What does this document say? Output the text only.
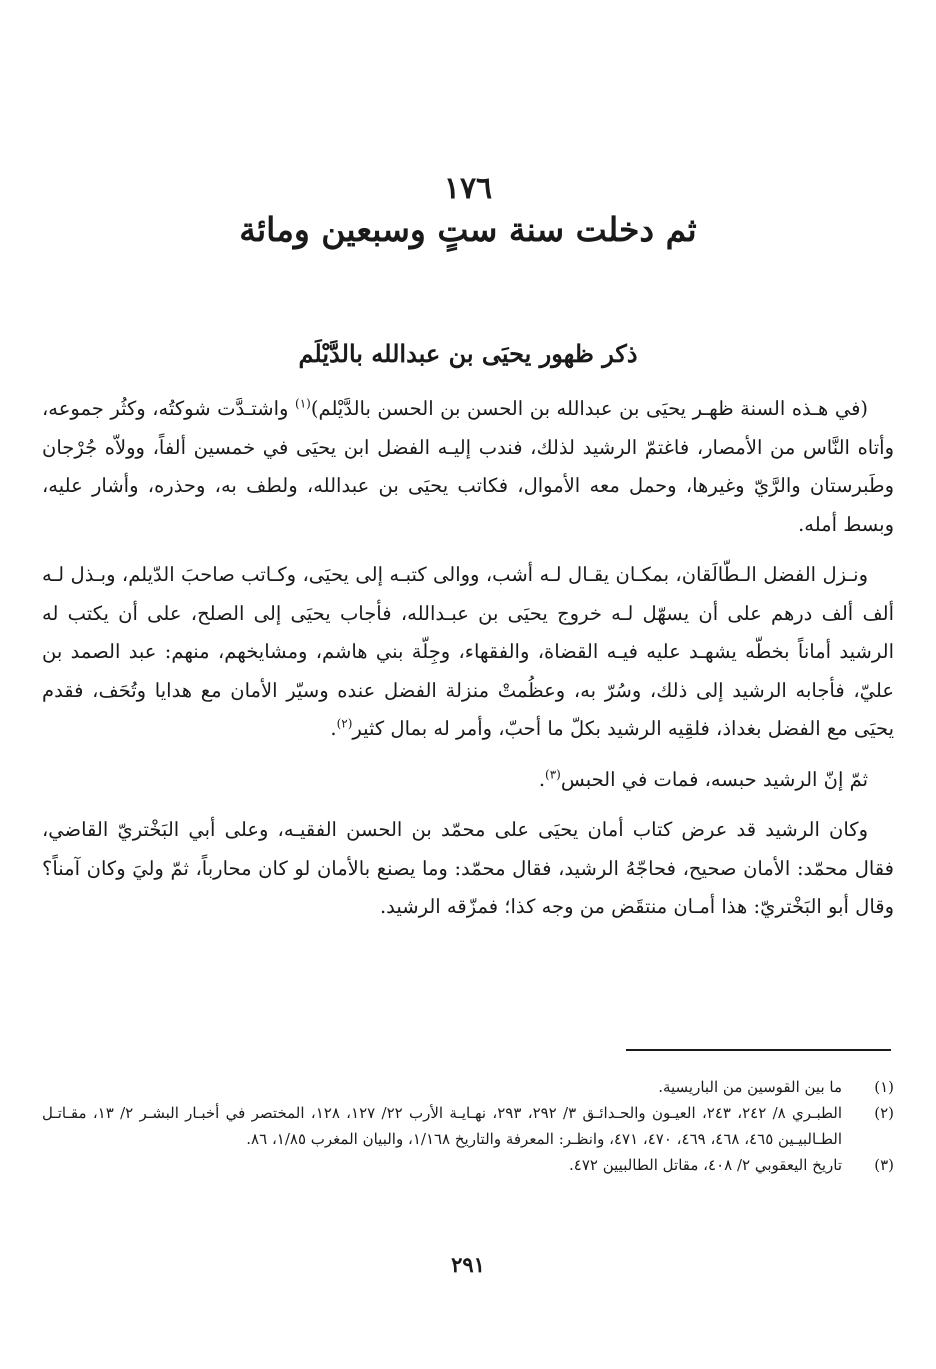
١٧٦
ثم دخلت سنة ستٍ وسبعين ومائة
ذكر ظهور يحيَى بن عبدالله بالدَّيْلَم

(في هـذه السنة ظهـر يحيَى بن عبدالله بن الحسن بن الحسن بالدَّيْلم)$^{(١)}$ واشتـدَّت شوكتُه، وكثُر جموعه، وأتاه النَّاس من الأمصار، فاغتمّ الرشيد لذلك، فندب إليـه الفضل ابن يحيَى في خمسين ألفاً، وولاّه جُرْجان وطَبرستان والرَّيّ وغيرها، وحمل معه الأموال، فكاتب يحيَى بن عبدالله، ولطف به، وحذره، وأشار عليه، وبسط أمله.

ونـزل الفضل الـطّالَقان، بمكـان يقـال لـه أشب، ووالى كتبـه إلى يحيَى، وكـاتب صاحبَ الدّيلم، وبـذل لـه ألف ألف درهم على أن يسهّل لـه خروج يحيَى بن عبـدالله، فأجاب يحيَى إلى الصلح، على أن يكتب له الرشيد أماناً بخطّه يشهـد عليه فيـه القضاة، والفقهاء، وجِلّة بني هاشم، ومشايخهم، منهم: عبد الصمد بن عليّ، فأجابه الرشيد إلى ذلك، وسُرّ به، وعظُمتْ منزلة الفضل عنده وسيّر الأمان مع هدايا وتُحَف، فقدم يحيَى مع الفضل بغداذ، فلقِيه الرشيد بكلّ ما أحبّ، وأمر له بمال كثير$^{(٢)}$.

ثمّ إنّ الرشيد حبسه، فمات في الحبس$^{(٣)}$.

وكان الرشيد قد عرض كتاب أمان يحيَى على محمّد بن الحسن الفقيـه، وعلى أبي البَخْتريّ القاضي، فقال محمّد: الأمان صحيح، فحاجّهُ الرشيد، فقال محمّد: وما يصنع بالأمان لو كان محارباً، ثمّ وليَ وكان آمناً؟ وقال أبو البَخْتريّ: هذا أمـان منتقَض من وجه كذا؛ فمزّقه الرشيد.

(١)
ما بين القوسين من الباريسية.
(٢)
الطبـري ٨/ ٢٤٢، ٢٤٣، العيـون والحـدائـق ٣/ ٢٩٢، ٢٩٣، نهـايـة الأرب ٢٢/ ١٢٧، ١٢٨، المختصر في أخبـار البشـر ٢/ ١٣، مقـاتـل الطـالبيـين ٤٦٥، ٤٦٨، ٤٦٩، ٤٧٠، ٤٧١، وانظـر: المعرفة والتاريخ ١/١٦٨، والبيان المغرب ١/٨٥، ٨٦.
(٣)
تاريخ اليعقوبي ٢/ ٤٠٨، مقاتل الطالبيين ٤٧٢.
٢٩١
